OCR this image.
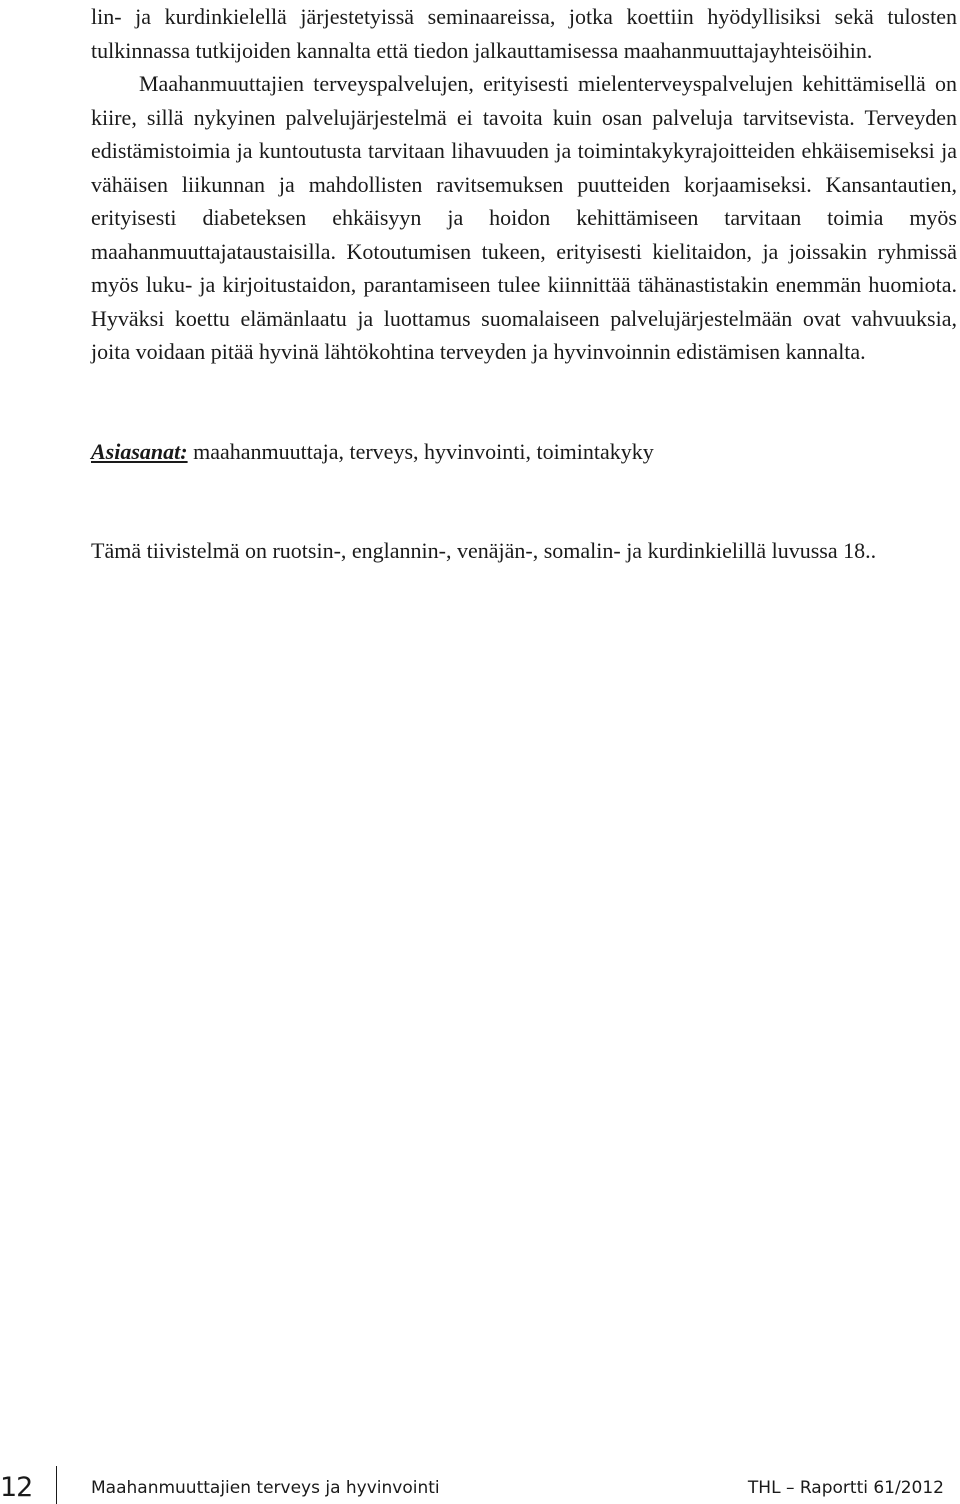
lin- ja kurdinkielellä järjestetyissä seminaareissa, jotka koettiin hyödyllisiksi sekä tulosten tulkinnassa tutkijoiden kannalta että tiedon jalkauttamisessa maahanmuuttajayhteisöihin.

Maahanmuuttajien terveyspalvelujen, erityisesti mielenterveyspalvelujen kehittämisellä on kiire, sillä nykyinen palvelujärjestelmä ei tavoita kuin osan palveluja tarvitsevista. Terveyden edistämistoimia ja kuntoutusta tarvitaan lihavuuden ja toimintakykyrajoitteiden ehkäisemiseksi ja vähäisen liikunnan ja mahdollisten ravitsemuksen puutteiden korjaamiseksi. Kansantautien, erityisesti diabeteksen ehkäisyyn ja hoidon kehittämiseen tarvitaan toimia myös maahanmuuttajataustaisilla. Kotoutumisen tukeen, erityisesti kielitaidon, ja joissakin ryhmissä myös luku- ja kirjoitustaidon, parantamiseen tulee kiinnittää tähänastistakin enemmän huomiota. Hyväksi koettu elämänlaatu ja luottamus suomalaiseen palvelujärjestelmään ovat vahvuuksia, joita voidaan pitää hyvinä lähtökohtina terveyden ja hyvinvoinnin edistämisen kannalta.

Asiasanat: maahanmuuttaja, terveys, hyvinvointi, toimintakyky

Tämä tiivistelmä on ruotsin-, englannin-, venäjän-, somalin- ja kurdinkielillä luvussa 18..

12	Maahanmuuttajien terveys ja hyvinvointi	THL – Raportti 61/2012
